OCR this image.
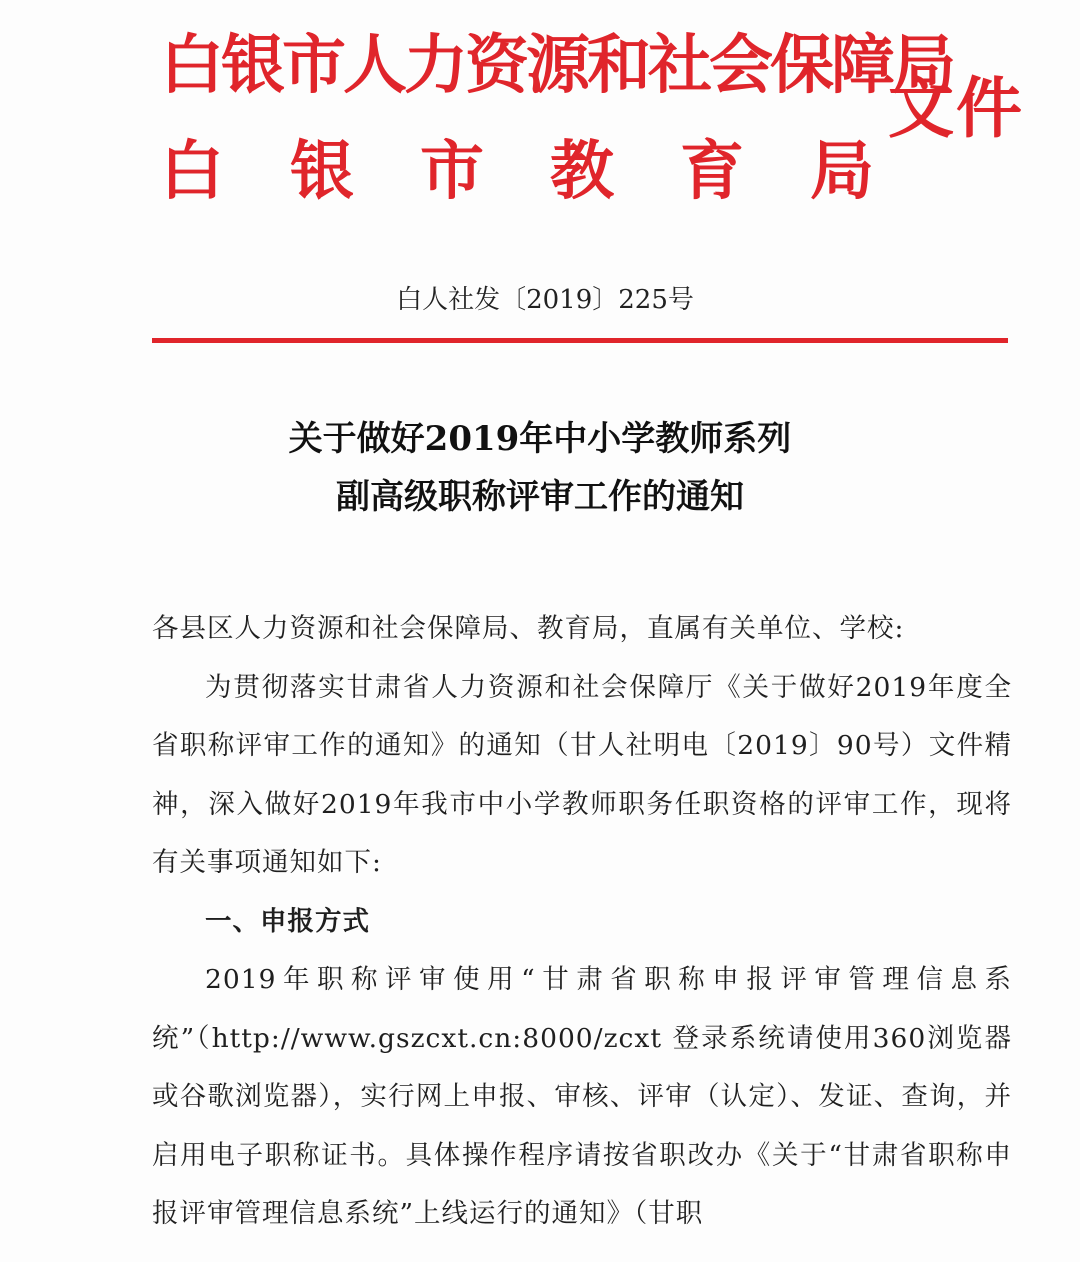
白银市人力资源和社会保障局
白银市教育局
文件
白人社发〔2019〕225号
关于做好2019年中小学教师系列
副高级职称评审工作的通知

各县区人力资源和社会保障局、教育局，直属有关单位、学校:

为贯彻落实甘肃省人力资源和社会保障厅《关于做好2019年度全省职称评审工作的通知》的通知（甘人社明电〔2019〕90号）文件精神，深入做好2019年我市中小学教师职务任职资格的评审工作，现将有关事项通知如下:

一、申报方式

2019年职称评审使用“甘肃省职称申报评审管理信息系统”（http://www.gszcxt.cn:8000/zcxt 登录系统请使用360浏览器或谷歌浏览器），实行网上申报、审核、评审（认定）、发证、查询，并启用电子职称证书。具体操作程序请按省职改办《关于“甘肃省职称申报评审管理信息系统”上线运行的通知》（甘职
